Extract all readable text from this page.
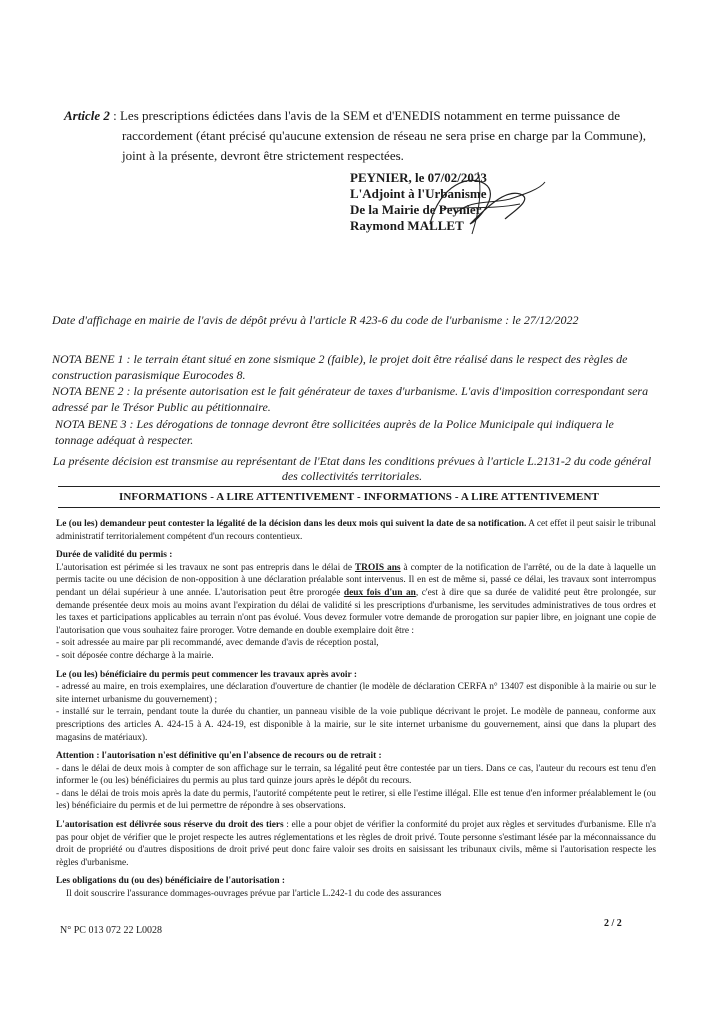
Article 2 : Les prescriptions édictées dans l'avis de la SEM et d'ENEDIS notamment en terme puissance de
raccordement (étant précisé qu'aucune extension de réseau ne sera prise en charge par la Commune), joint à la présente, devront être strictement respectées.
PEYNIER, le 07/02/2023
L'Adjoint à l'Urbanisme
De la Mairie de Peynier
Raymond MALLET
Date d'affichage en mairie de l'avis de dépôt prévu à l'article R 423-6 du code de l'urbanisme : le 27/12/2022

NOTA BENE 1 : le terrain étant situé en zone sismique 2 (faible), le projet doit être réalisé dans le respect des règles de construction parasismique Eurocodes 8.

NOTA BENE 2 : la présente autorisation est le fait générateur de taxes d'urbanisme. L'avis d'imposition correspondant sera adressé par le Trésor Public au pétitionnaire.

NOTA BENE 3 : Les dérogations de tonnage devront être sollicitées auprès de la Police Municipale qui indiquera le tonnage adéquat à respecter.

La présente décision est transmise au représentant de l'Etat dans les conditions prévues à l'article L.2131-2 du code général des collectivités territoriales.
INFORMATIONS - A LIRE ATTENTIVEMENT - INFORMATIONS - A LIRE ATTENTIVEMENT

Le (ou les) demandeur peut contester la légalité de la décision dans les deux mois qui suivent la date de sa notification. A cet effet il peut saisir le tribunal administratif territorialement compétent d'un recours contentieux.

Durée de validité du permis :
L'autorisation est périmée si les travaux ne sont pas entrepris dans le délai de TROIS ans à compter de la notification de l'arrêté, ou de la date à laquelle un permis tacite ou une décision de non-opposition à une déclaration préalable sont intervenus. Il en est de même si, passé ce délai, les travaux sont interrompus pendant un délai supérieur à une année. L'autorisation peut être prorogée deux fois d'un an, c'est à dire que sa durée de validité peut être prolongée, sur demande présentée deux mois au moins avant l'expiration du délai de validité si les prescriptions d'urbanisme, les servitudes administratives de tous ordres et les taxes et participations applicables au terrain n'ont pas évolué. Vous devez formuler votre demande de prorogation sur papier libre, en joignant une copie de l'autorisation que vous souhaitez faire proroger. Votre demande en double exemplaire doit être :
- soit adressée au maire par pli recommandé, avec demande d'avis de réception postal,
- soit déposée contre décharge à la mairie.

Le (ou les) bénéficiaire du permis peut commencer les travaux après avoir :
- adressé au maire, en trois exemplaires, une déclaration d'ouverture de chantier (le modèle de déclaration CERFA n° 13407 est disponible à la mairie ou sur le site internet urbanisme du gouvernement) ;
- installé sur le terrain, pendant toute la durée du chantier, un panneau visible de la voie publique décrivant le projet. Le modèle de panneau, conforme aux prescriptions des articles A. 424-15 à A. 424-19, est disponible à la mairie, sur le site internet urbanisme du gouvernement, ainsi que dans la plupart des magasins de matériaux).

Attention : l'autorisation n'est définitive qu'en l'absence de recours ou de retrait :
- dans le délai de deux mois à compter de son affichage sur le terrain, sa légalité peut être contestée par un tiers. Dans ce cas, l'auteur du recours est tenu d'en informer le (ou les) bénéficiaires du permis au plus tard quinze jours après le dépôt du recours.
- dans le délai de trois mois après la date du permis, l'autorité compétente peut le retirer, si elle l'estime illégal. Elle est tenue d'en informer préalablement le (ou les) bénéficiaire du permis et de lui permettre de répondre à ses observations.

L'autorisation est délivrée sous réserve du droit des tiers : elle a pour objet de vérifier la conformité du projet aux règles et servitudes d'urbanisme. Elle n'a pas pour objet de vérifier que le projet respecte les autres réglementations et les règles de droit privé. Toute personne s'estimant lésée par la méconnaissance du droit de propriété ou d'autres dispositions de droit privé peut donc faire valoir ses droits en saisissant les tribunaux civils, même si l'autorisation respecte les règles d'urbanisme.

Les obligations du (ou des) bénéficiaire de l'autorisation :
Il doit souscrire l'assurance dommages-ouvrages prévue par l'article L.242-1 du code des assurances

N° PC 013 072 22 L0028
2 / 2
